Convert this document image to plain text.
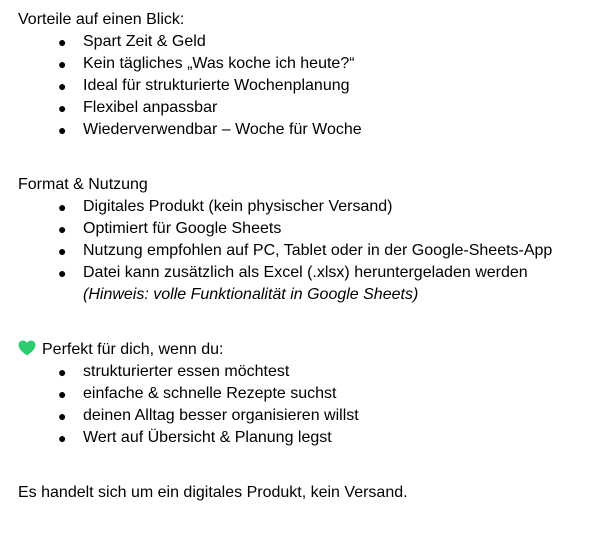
Vorteile auf einen Blick:
● Spart Zeit & Geld
● Kein tägliches „Was koche ich heute?“
● Ideal für strukturierte Wochenplanung
● Flexibel anpassbar
● Wiederverwendbar – Woche für Woche
Format & Nutzung
● Digitales Produkt (kein physischer Versand)
● Optimiert für Google Sheets
● Nutzung empfohlen auf PC, Tablet oder in der Google-Sheets-App
● Datei kann zusätzlich als Excel (.xlsx) heruntergeladen werden
(Hinweis: volle Funktionalität in Google Sheets)
Perfekt für dich, wenn du:
● strukturierter essen möchtest
● einfache & schnelle Rezepte suchst
● deinen Alltag besser organisieren willst
● Wert auf Übersicht & Planung legst
Es handelt sich um ein digitales Produkt, kein Versand.
